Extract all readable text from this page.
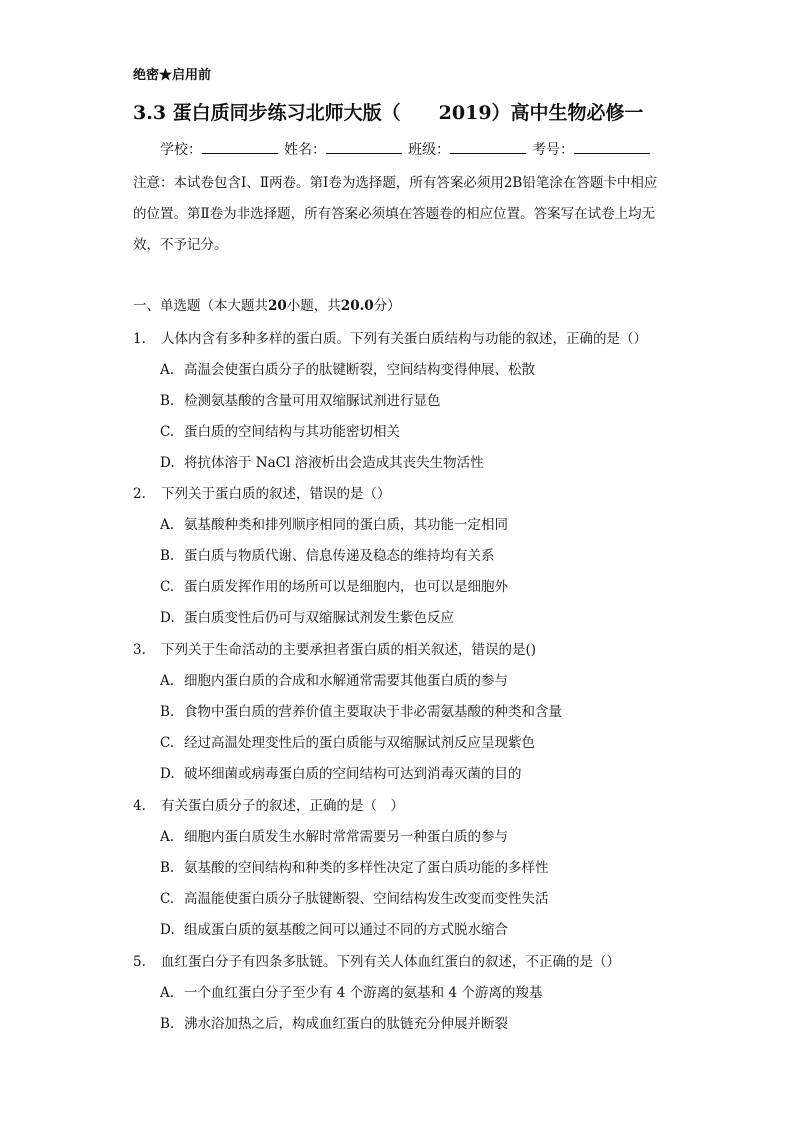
绝密★启用前
3.3 蛋白质同步练习北师大版（　　2019）高中生物必修一
学校：	姓名：	班级：	考号：
注意：本试卷包含Ⅰ、Ⅱ两卷。第Ⅰ卷为选择题，所有答案必须用2B铅笔涂在答题卡中相应的位置。第Ⅱ卷为非选择题，所有答案必须填在答题卷的相应位置。答案写在试卷上均无效，不予记分。
一、单选题（本大题共20小题，共20.0分）
1. 人体内含有多种多样的蛋白质。下列有关蛋白质结构与功能的叙述，正确的是（）
A. 高温会使蛋白质分子的肽键断裂，空间结构变得伸展、松散
B. 检测氨基酸的含量可用双缩脲试剂进行显色
C. 蛋白质的空间结构与其功能密切相关
D. 将抗体溶于 NaCl 溶液析出会造成其丧失生物活性
2. 下列关于蛋白质的叙述，错误的是（）
A. 氨基酸种类和排列顺序相同的蛋白质，其功能一定相同
B. 蛋白质与物质代谢、信息传递及稳态的维持均有关系
C. 蛋白质发挥作用的场所可以是细胞内，也可以是细胞外
D. 蛋白质变性后仍可与双缩脲试剂发生紫色反应
3. 下列关于生命活动的主要承担者蛋白质的相关叙述，错误的是()
A. 细胞内蛋白质的合成和水解通常需要其他蛋白质的参与
B. 食物中蛋白质的营养价值主要取决于非必需氨基酸的种类和含量
C. 经过高温处理变性后的蛋白质能与双缩脲试剂反应呈现紫色
D. 破坏细菌或病毒蛋白质的空间结构可达到消毒灭菌的目的
4. 有关蛋白质分子的叙述，正确的是（　）
A. 细胞内蛋白质发生水解时常常需要另一种蛋白质的参与
B. 氨基酸的空间结构和种类的多样性决定了蛋白质功能的多样性
C. 高温能使蛋白质分子肽键断裂、空间结构发生改变而变性失活
D. 组成蛋白质的氨基酸之间可以通过不同的方式脱水缩合
5. 血红蛋白分子有四条多肽链。下列有关人体血红蛋白的叙述，不正确的是（）
A. 一个血红蛋白分子至少有 4 个游离的氨基和 4 个游离的羧基
B. 沸水浴加热之后，构成血红蛋白的肽链充分伸展并断裂
